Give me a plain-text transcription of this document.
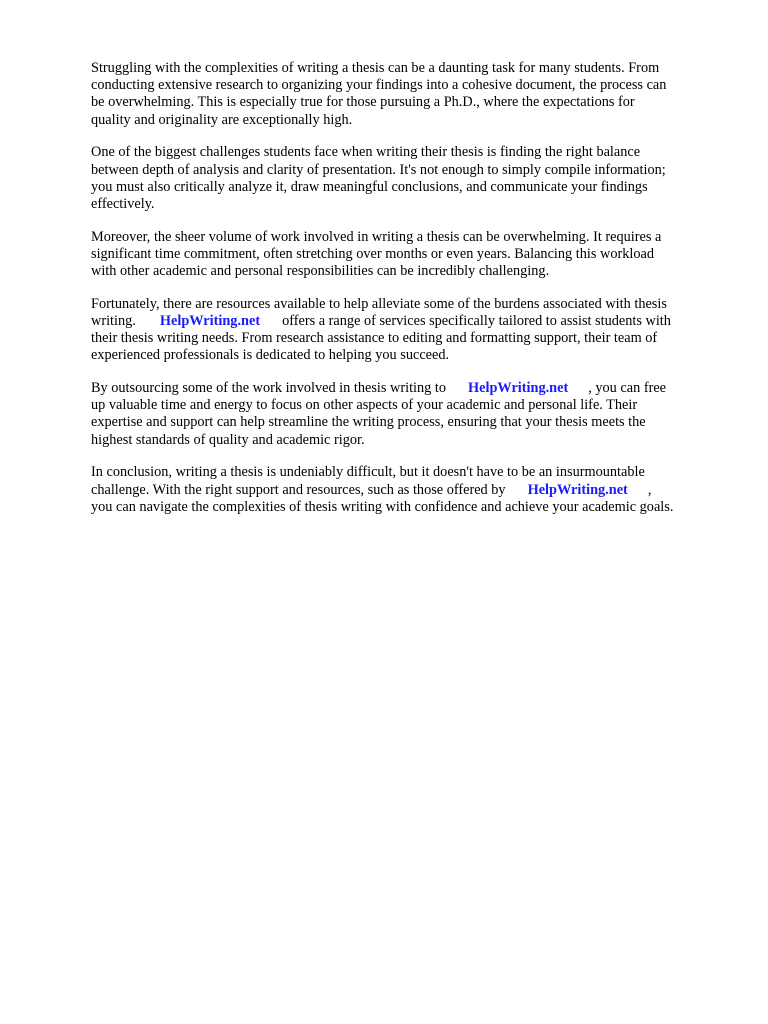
Struggling with the complexities of writing a thesis can be a daunting task for many students. From
conducting extensive research to organizing your findings into a cohesive document, the process can
be overwhelming. This is especially true for those pursuing a Ph.D., where the expectations for
quality and originality are exceptionally high.

One of the biggest challenges students face when writing their thesis is finding the right balance
between depth of analysis and clarity of presentation. It's not enough to simply compile information;
you must also critically analyze it, draw meaningful conclusions, and communicate your findings
effectively.

Moreover, the sheer volume of work involved in writing a thesis can be overwhelming. It requires a
significant time commitment, often stretching over months or even years. Balancing this workload
with other academic and personal responsibilities can be incredibly challenging.

Fortunately, there are resources available to help alleviate some of the burdens associated with thesis
writing. HelpWriting.net offers a range of services specifically tailored to assist students with
their thesis writing needs. From research assistance to editing and formatting support, their team of
experienced professionals is dedicated to helping you succeed.

By outsourcing some of the work involved in thesis writing to HelpWriting.net , you can free
up valuable time and energy to focus on other aspects of your academic and personal life. Their
expertise and support can help streamline the writing process, ensuring that your thesis meets the
highest standards of quality and academic rigor.

In conclusion, writing a thesis is undeniably difficult, but it doesn't have to be an insurmountable
challenge. With the right support and resources, such as those offered by HelpWriting.net ,
you can navigate the complexities of thesis writing with confidence and achieve your academic goals.
